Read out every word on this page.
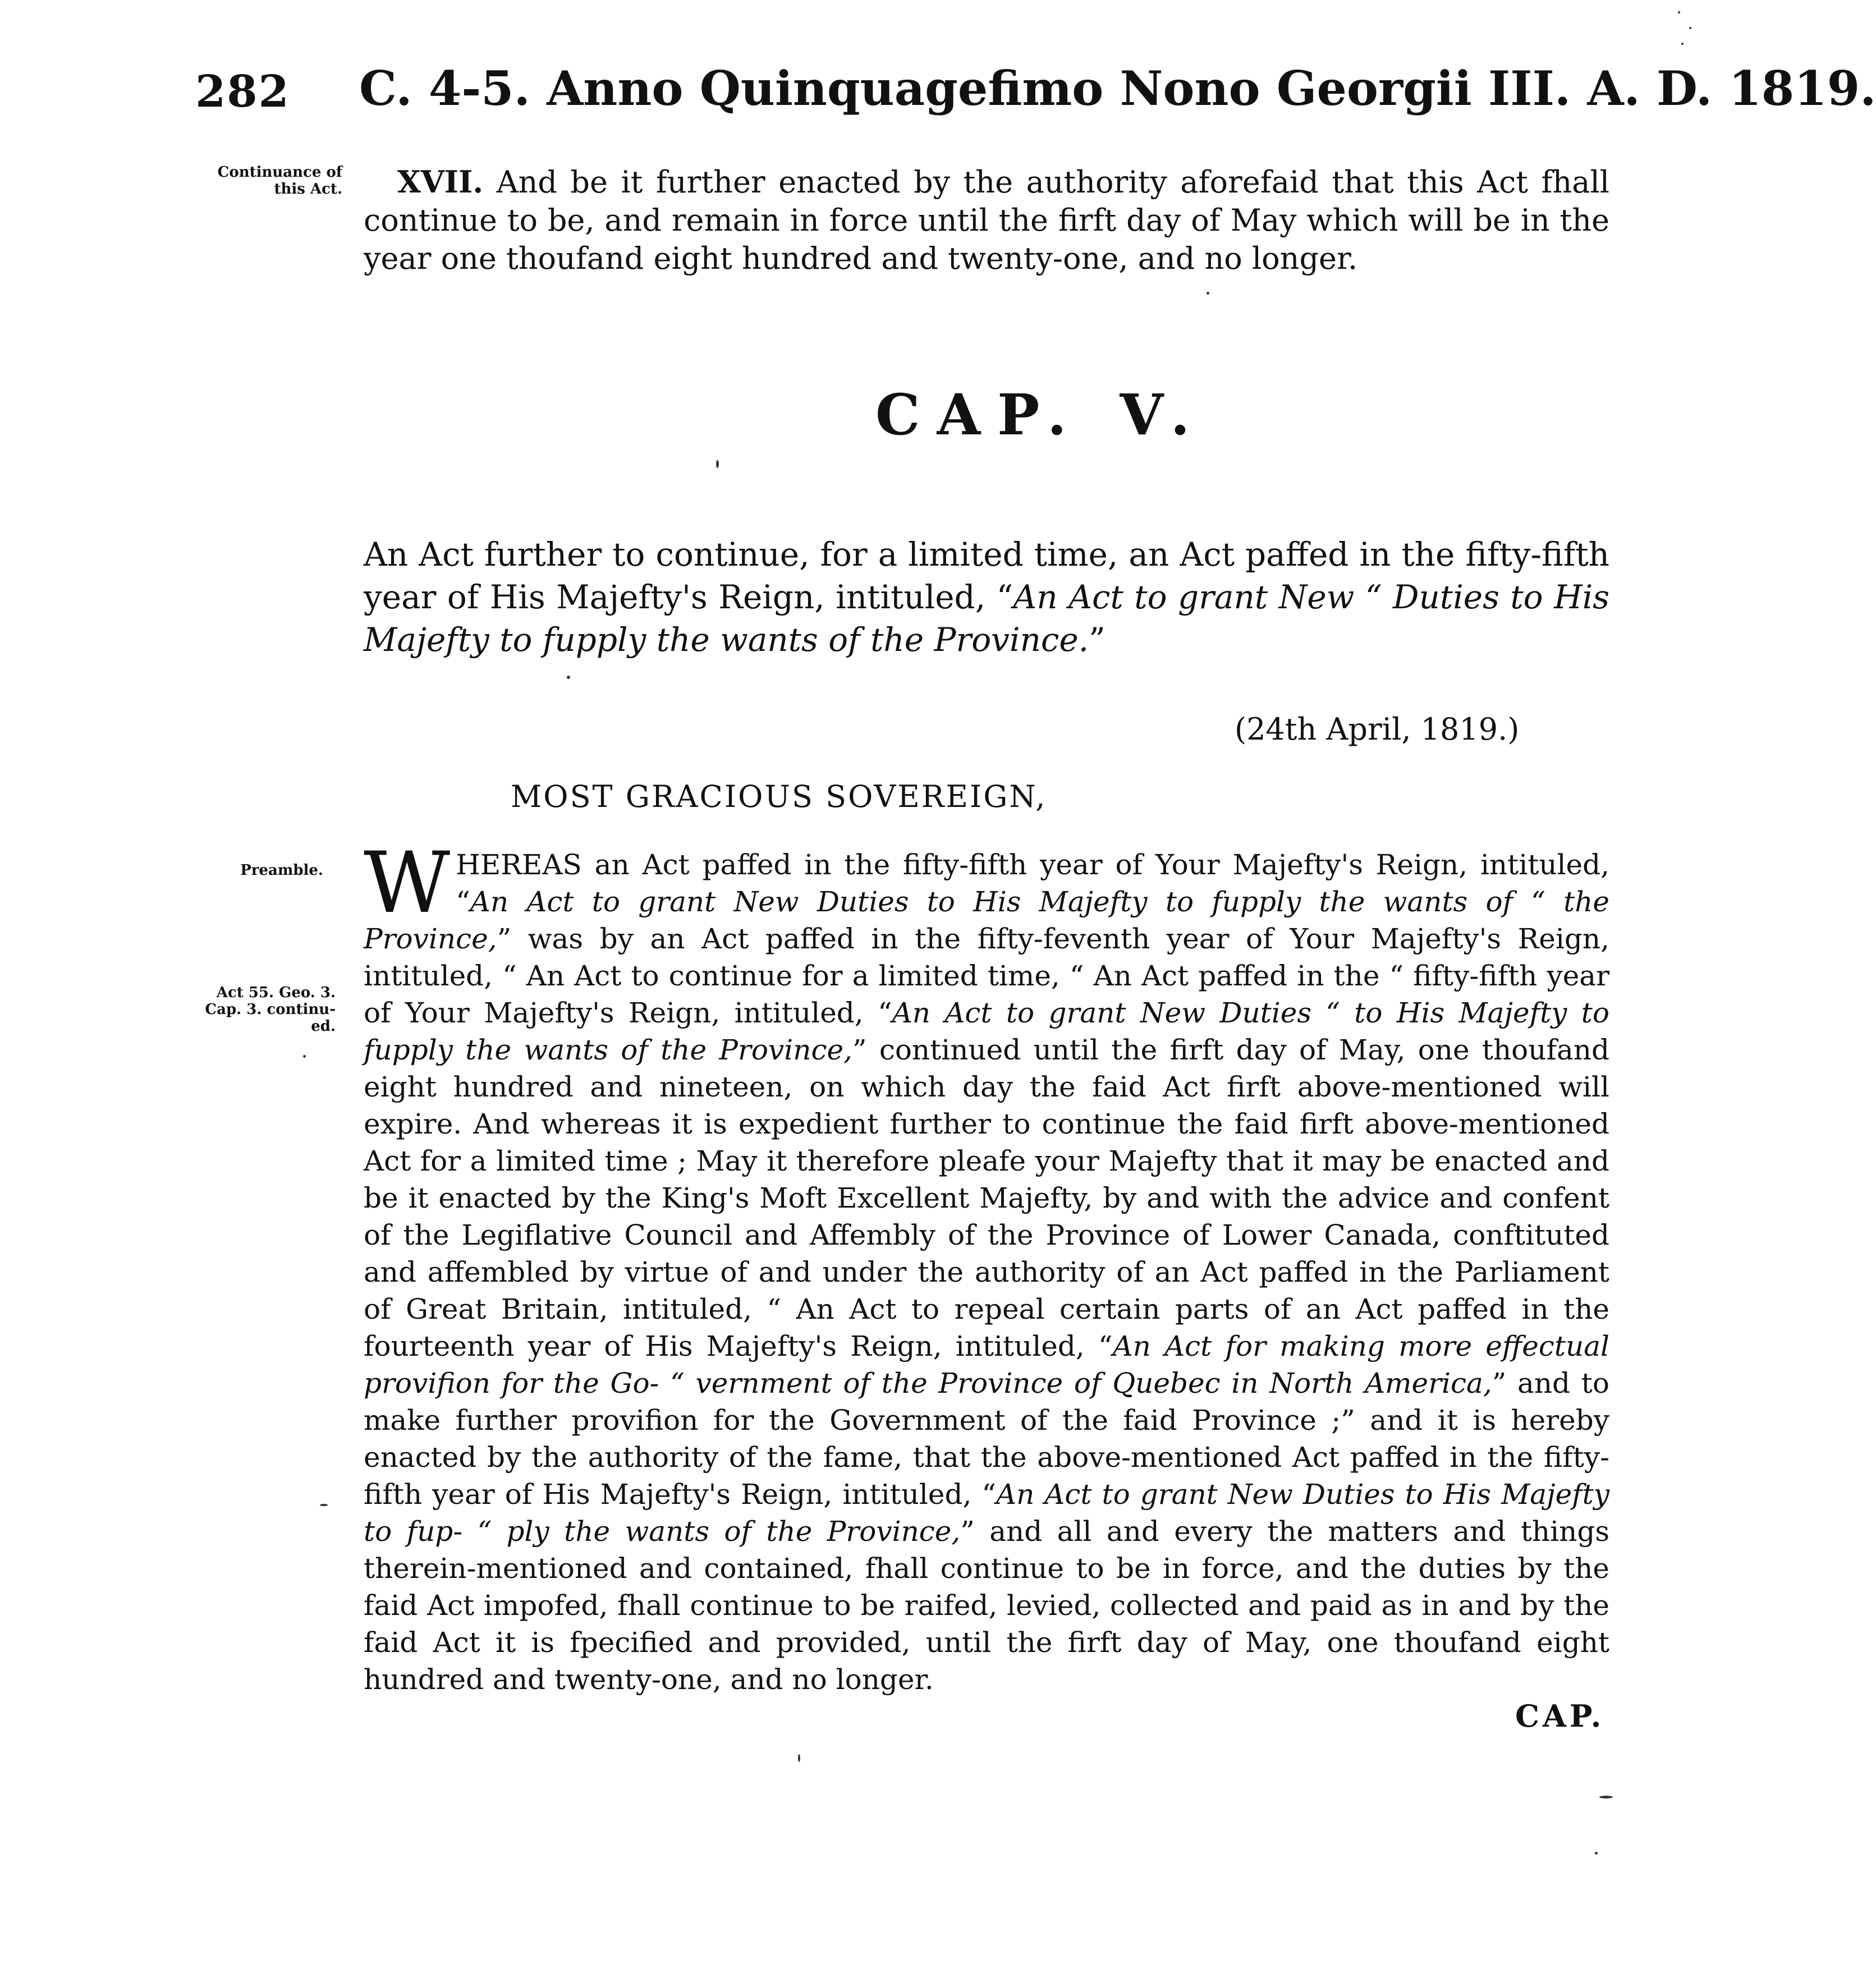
282 C. 4-5. Anno Quinquagefimo Nono Georgii III. A. D. 1819.
Continuance of
this Act.	XVII. And be it further enacted by the authority aforefaid that this Act fhall continue to be, and remain in force until the firft day of May which will be in the year one thoufand eight hundred and twenty-one, and no longer.
CAP. V.
An Act further to continue, for a limited time, an Act paffed in the fifty-fifth year of His Majefty's Reign, intituled, “An Act to grant New “ Duties to His Majefty to fupply the wants of the Province.”
(24th April, 1819.)
MOST GRACIOUS SOVEREIGN,
Preamble.
Act 55. Geo. 3.
Cap. 3. continu-
ed.
WHEREAS an Act paffed in the fifty-fifth year of Your Majefty's Reign, intituled, “An Act to grant New Duties to His Majefty to fupply the wants of “ the Province,” was by an Act paffed in the fifty-feventh year of Your Majefty's Reign, intituled, “ An Act to continue for a limited time, “ An Act paffed in the “ fifty-fifth year of Your Majefty's Reign, intituled, “An Act to grant New Duties “ to His Majefty to fupply the wants of the Province,” continued until the firft day of May, one thoufand eight hundred and nineteen, on which day the faid Act firft above-mentioned will expire. And whereas it is expedient further to continue the faid firft above-mentioned Act for a limited time ; May it therefore pleafe your Majefty that it may be enacted and be it enacted by the King's Moft Excellent Majefty, by and with the advice and confent of the Legiflative Council and Affembly of the Province of Lower Canada, conftituted and affembled by virtue of and under the authority of an Act paffed in the Parliament of Great Britain, intituled, “ An Act to repeal certain parts of an Act paffed in the fourteenth year of His Majefty's Reign, intituled, “An Act for making more effectual provifion for the Go- “ vernment of the Province of Quebec in North America,” and to make further provifion for the Government of the faid Province ;” and it is hereby enacted by the authority of the fame, that the above-mentioned Act paffed in the fifty-fifth year of His Majefty's Reign, intituled, “An Act to grant New Duties to His Majefty to fup- “ ply the wants of the Province,” and all and every the matters and things therein-mentioned and contained, fhall continue to be in force, and the duties by the faid Act impofed, fhall continue to be raifed, levied, collected and paid as in and by the faid Act it is fpecified and provided, until the firft day of May, one thoufand eight hundred and twenty-one, and no longer.
CAP.
